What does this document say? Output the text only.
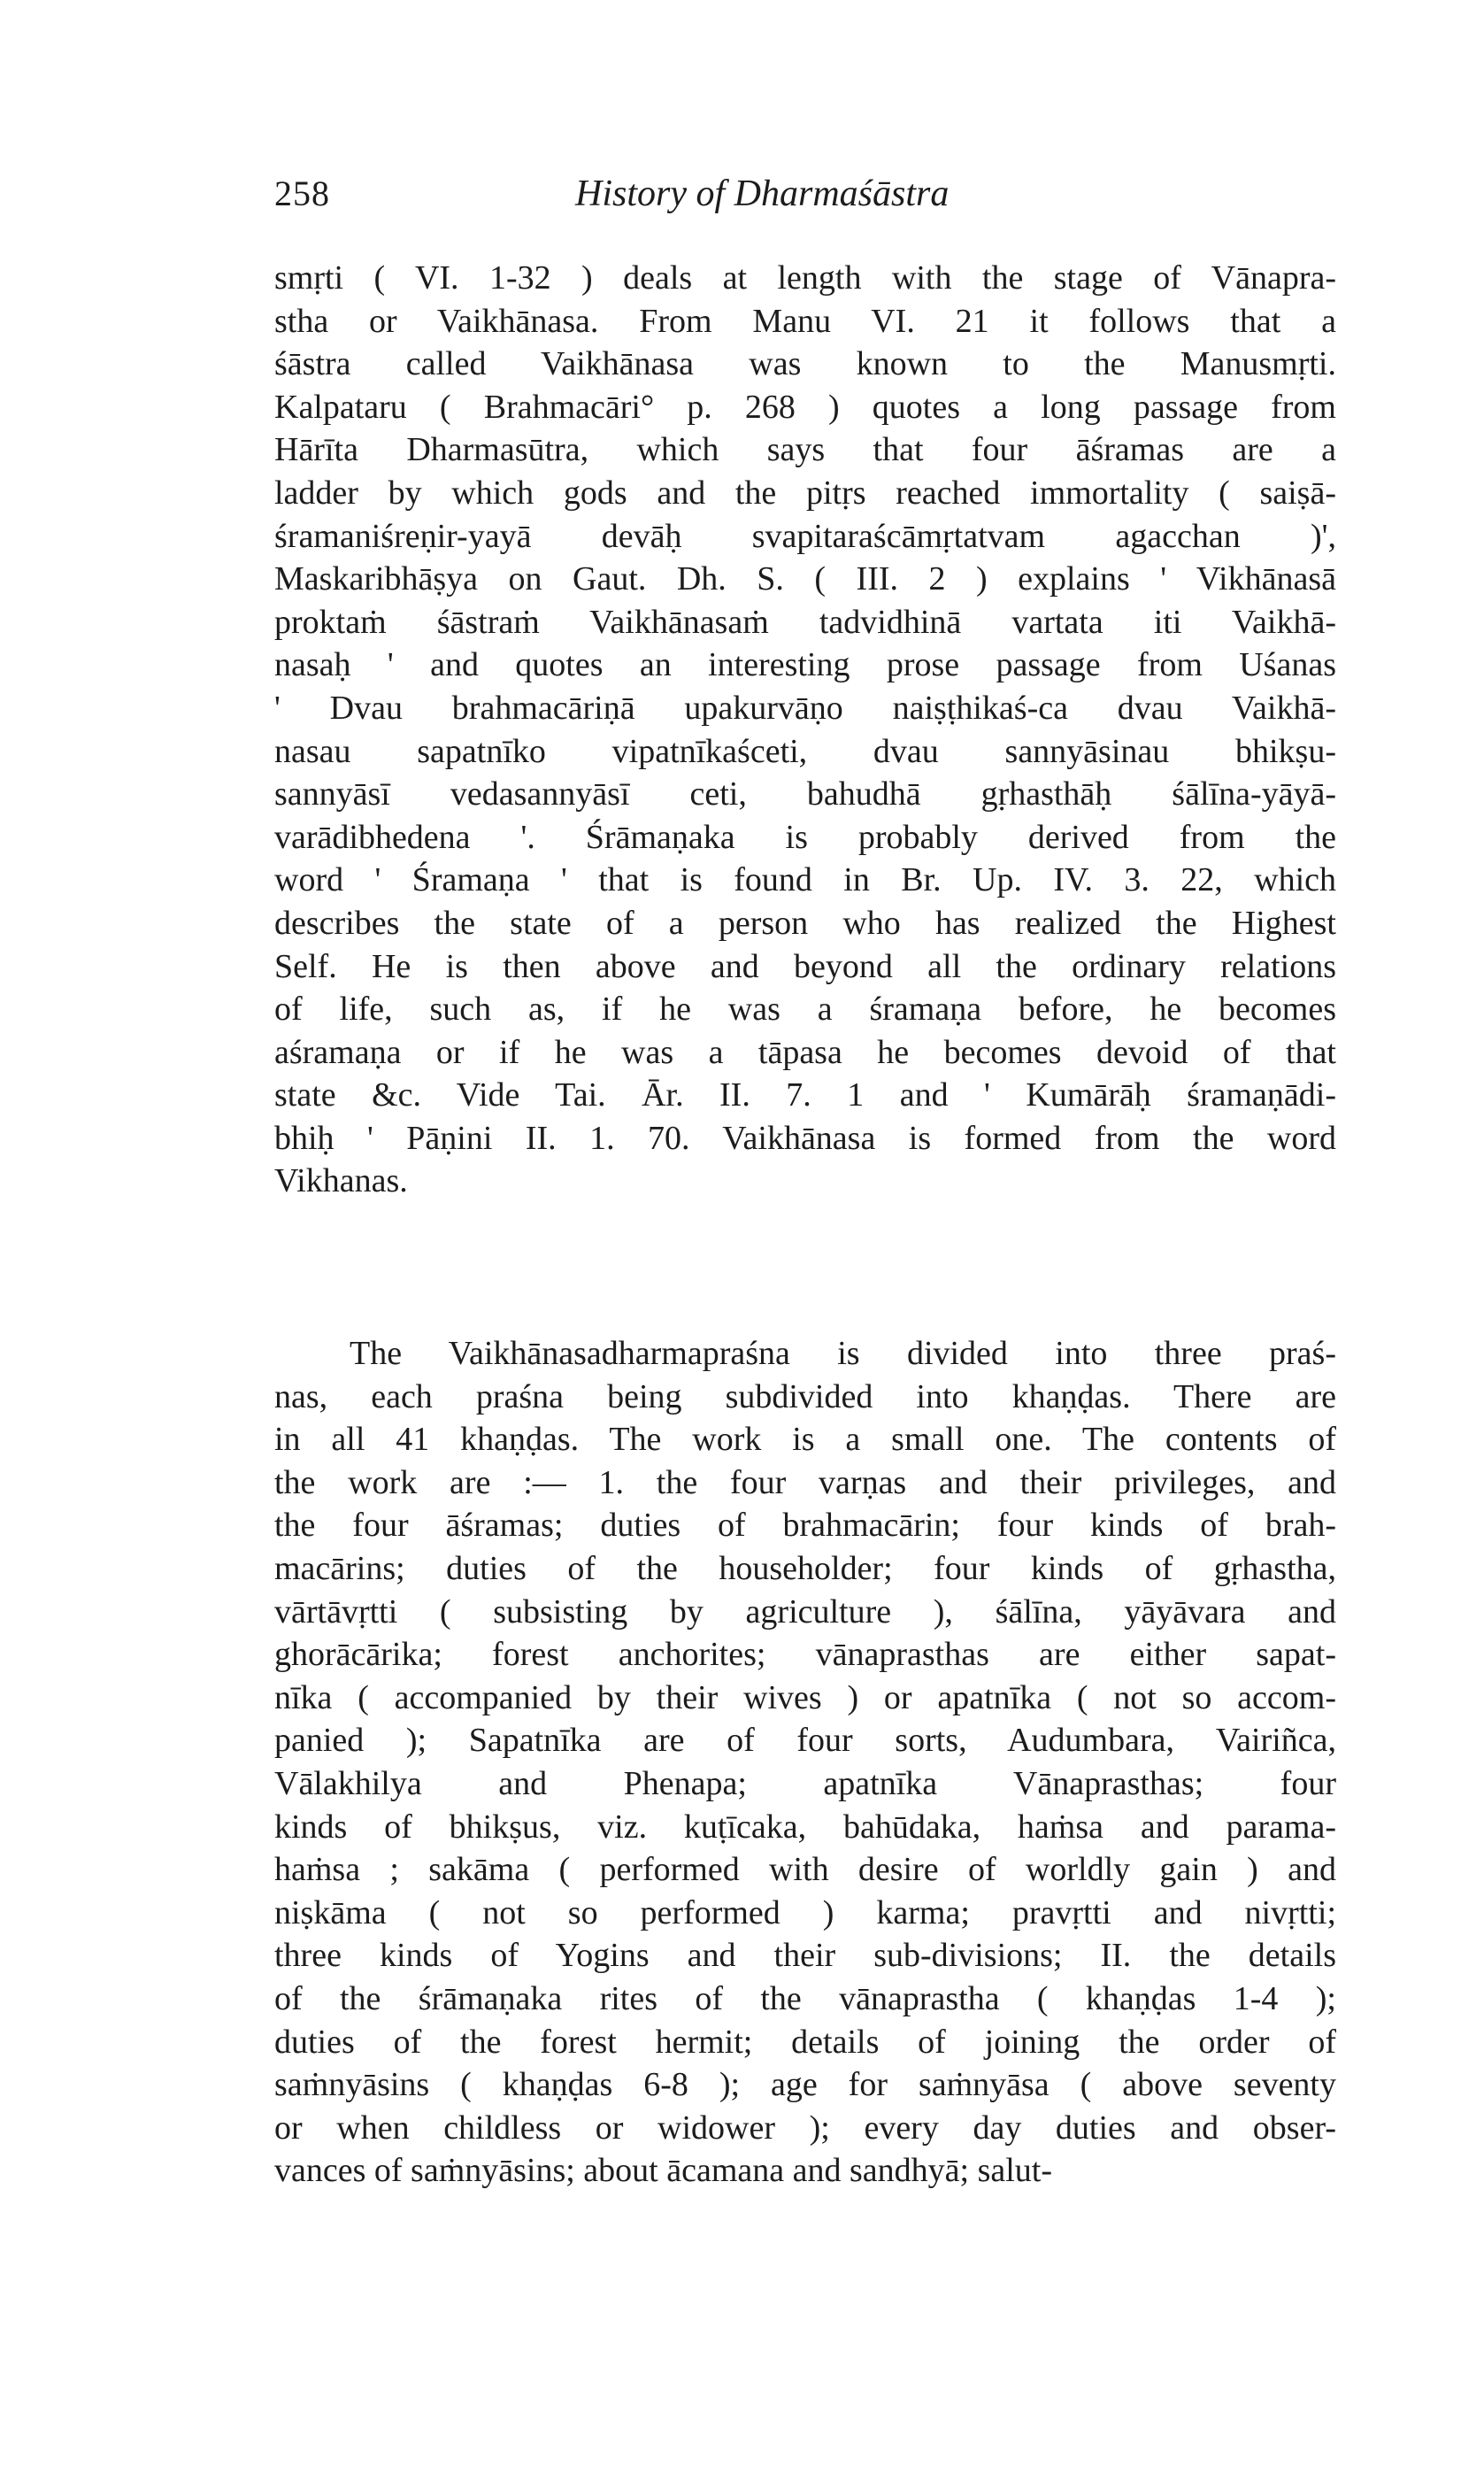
258	History of Dharmaśāstra
smṛti ( VI. 1-32 ) deals at length with the stage of Vānapra-
stha or Vaikhānasa. From Manu VI. 21 it follows that a
śāstra called Vaikhānasa was known to the Manusmṛti.
Kalpataru ( Brahmacāri° p. 268 ) quotes a long passage from
Hārīta Dharmasūtra, which says that four āśramas are a
ladder by which gods and the pitṛs reached immortality ( saiṣā-
śramaniśreṇir-yayā devāḥ svapitaraścāmṛtatvam agacchan )',
Maskaribhāṣya on Gaut. Dh. S. ( III. 2 ) explains ' Vikhānasā
proktaṁ śāstraṁ Vaikhānasaṁ tadvidhinā vartata iti Vaikhā-
nasaḥ ' and quotes an interesting prose passage from Uśanas
' Dvau brahmacāriṇā upakurvāṇo naiṣṭhikaś-ca dvau Vaikhā-
nasau sapatnīko vipatnīkaśceti, dvau sannyāsinau bhikṣu-
sannyāsī vedasannyāsī ceti, bahudhā gṛhasthāḥ śālīna-yāyā-
varādibhedena '. Śrāmaṇaka is probably derived from the
word ' Śramaṇa ' that is found in Br. Up. IV. 3. 22, which
describes the state of a person who has realized the Highest
Self. He is then above and beyond all the ordinary relations
of life, such as, if he was a śramaṇa before, he becomes
aśramaṇa or if he was a tāpasa he becomes devoid of that
state &c. Vide Tai. Ār. II. 7. 1 and ' Kumārāḥ śramaṇādi-
bhiḥ ' Pāṇini II. 1. 70. Vaikhānasa is formed from the word
Vikhanas.
The Vaikhānasadharmapraśna is divided into three praś-
nas, each praśna being subdivided into khaṇḍas. There are
in all 41 khaṇḍas. The work is a small one. The contents of
the work are :— 1. the four varṇas and their privileges, and
the four āśramas; duties of brahmacārin; four kinds of brah-
macārins; duties of the householder; four kinds of gṛhastha,
vārtāvṛtti ( subsisting by agriculture ), śālīna, yāyāvara and
ghorācārika; forest anchorites; vānaprasthas are either sapat-
nīka ( accompanied by their wives ) or apatnīka ( not so accom-
panied ); Sapatnīka are of four sorts, Audumbara, Vairiñca,
Vālakhilya and Phenapa; apatnīka Vānaprasthas; four
kinds of bhikṣus, viz. kuṭīcaka, bahūdaka, haṁsa and parama-
haṁsa ; sakāma ( performed with desire of worldly gain ) and
niṣkāma ( not so performed ) karma; pravṛtti and nivṛtti;
three kinds of Yogins and their sub-divisions; II. the details
of the śrāmaṇaka rites of the vānaprastha ( khaṇḍas 1-4 );
duties of the forest hermit; details of joining the order of
saṁnyāsins ( khaṇḍas 6-8 ); age for saṁnyāsa ( above seventy
or when childless or widower ); every day duties and obser-
vances of saṁnyāsins; about ācamana and sandhyā; salut-
